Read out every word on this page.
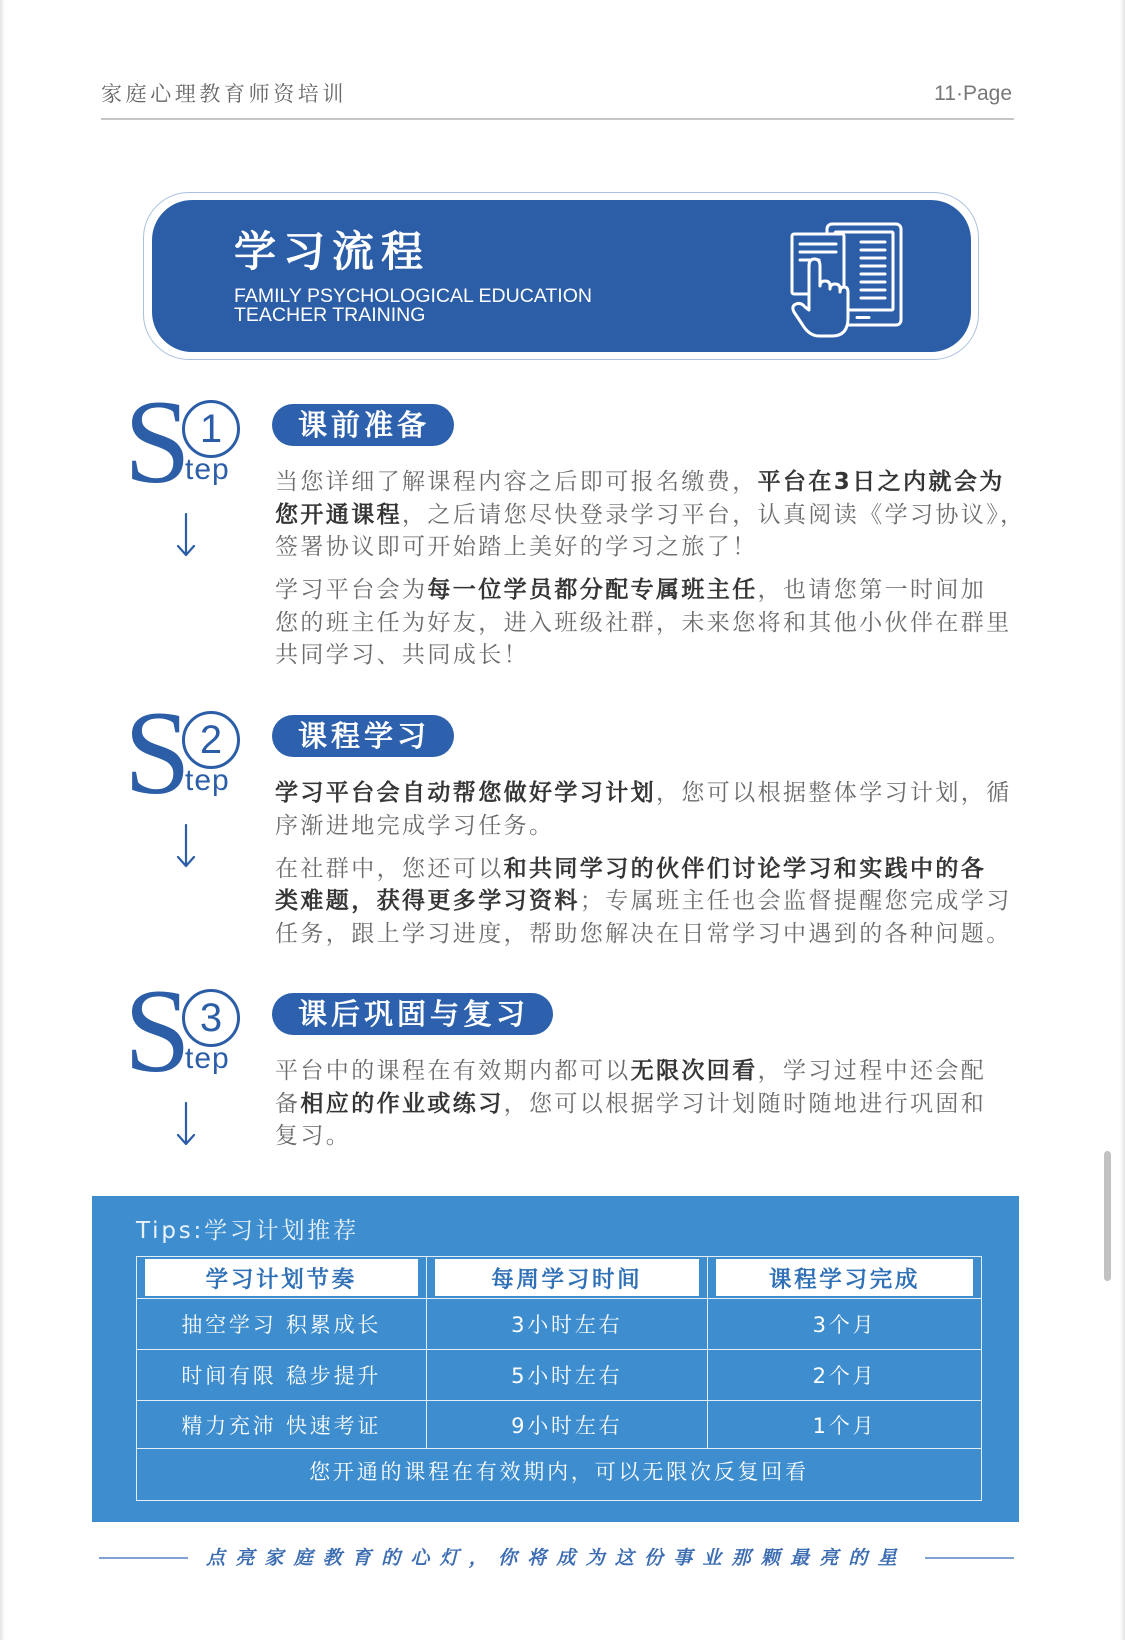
家庭心理教育师资培训	11·Page
学习流程
FAMILY PSYCHOLOGICAL EDUCATION
TEACHER TRAINING
S 1
tep
课前准备
当您详细了解课程内容之后即可报名缴费，平台在3日之内就会为
您开通课程，之后请您尽快登录学习平台，认真阅读《学习协议》，
签署协议即可开始踏上美好的学习之旅了！
学习平台会为每一位学员都分配专属班主任，也请您第一时间加
您的班主任为好友，进入班级社群，未来您将和其他小伙伴在群里
共同学习、共同成长！
S 2
tep
课程学习
学习平台会自动帮您做好学习计划，您可以根据整体学习计划，循
序渐进地完成学习任务。
在社群中，您还可以和共同学习的伙伴们讨论学习和实践中的各
类难题，获得更多学习资料；专属班主任也会监督提醒您完成学习
任务，跟上学习进度，帮助您解决在日常学习中遇到的各种问题。
S 3
tep
课后巩固与复习
平台中的课程在有效期内都可以无限次回看，学习过程中还会配
备相应的作业或练习，您可以根据学习计划随时随地进行巩固和
复习。
Tips:学习计划推荐
学习计划节奏	每周学习时间	课程学习完成
抽空学习 积累成长	3小时左右	3个月
时间有限 稳步提升	5小时左右	2个月
精力充沛 快速考证	9小时左右	1个月
您开通的课程在有效期内，可以无限次反复回看
点亮家庭教育的心灯，你将成为这份事业那颗最亮的星
